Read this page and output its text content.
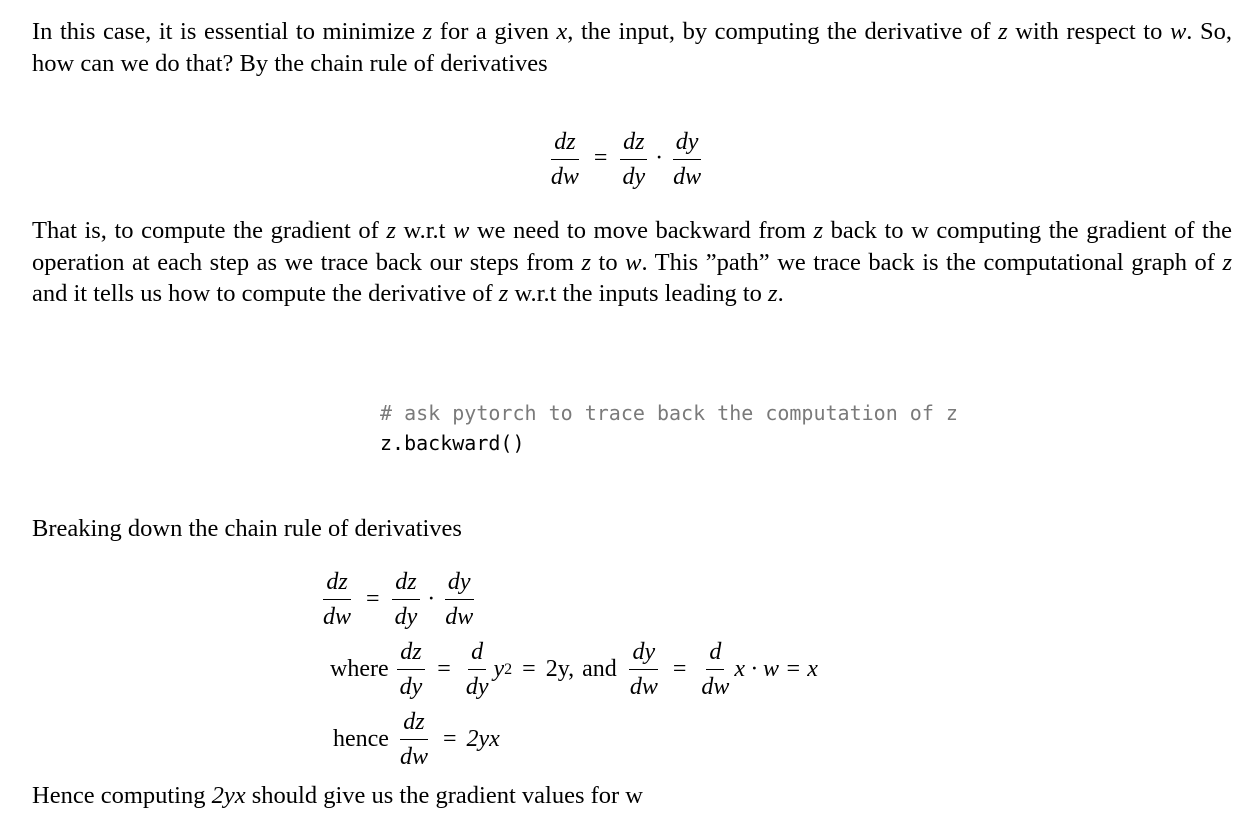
In this case, it is essential to minimize z for a given x, the input, by computing the derivative of z with respect to w. So, how can we do that? By the chain rule of derivatives

$\frac{dz}{dw} = \frac{dz}{dy} \cdot \frac{dy}{dw}$

That is, to compute the gradient of z w.r.t w we need to move backward from z back to w computing the gradient of the operation at each step as we trace back our steps from z to w. This ”path” we trace back is the computational graph of z and it tells us how to compute the derivative of z w.r.t the inputs leading to z.

# ask pytorch to trace back the computation of z
z.backward()

Breaking down the chain rule of derivatives

$\frac{dz}{dw} = \frac{dz}{dy} \cdot \frac{dy}{dw}$
where $\frac{dz}{dy} = \frac{d}{dy}$ y 2 = 2y, and $\frac{dy}{dw} = \frac{d}{dw}$ x · w = x
hence $\frac{dz}{dw} = 2yx$

Hence computing 2yx should give us the gradient values for w
